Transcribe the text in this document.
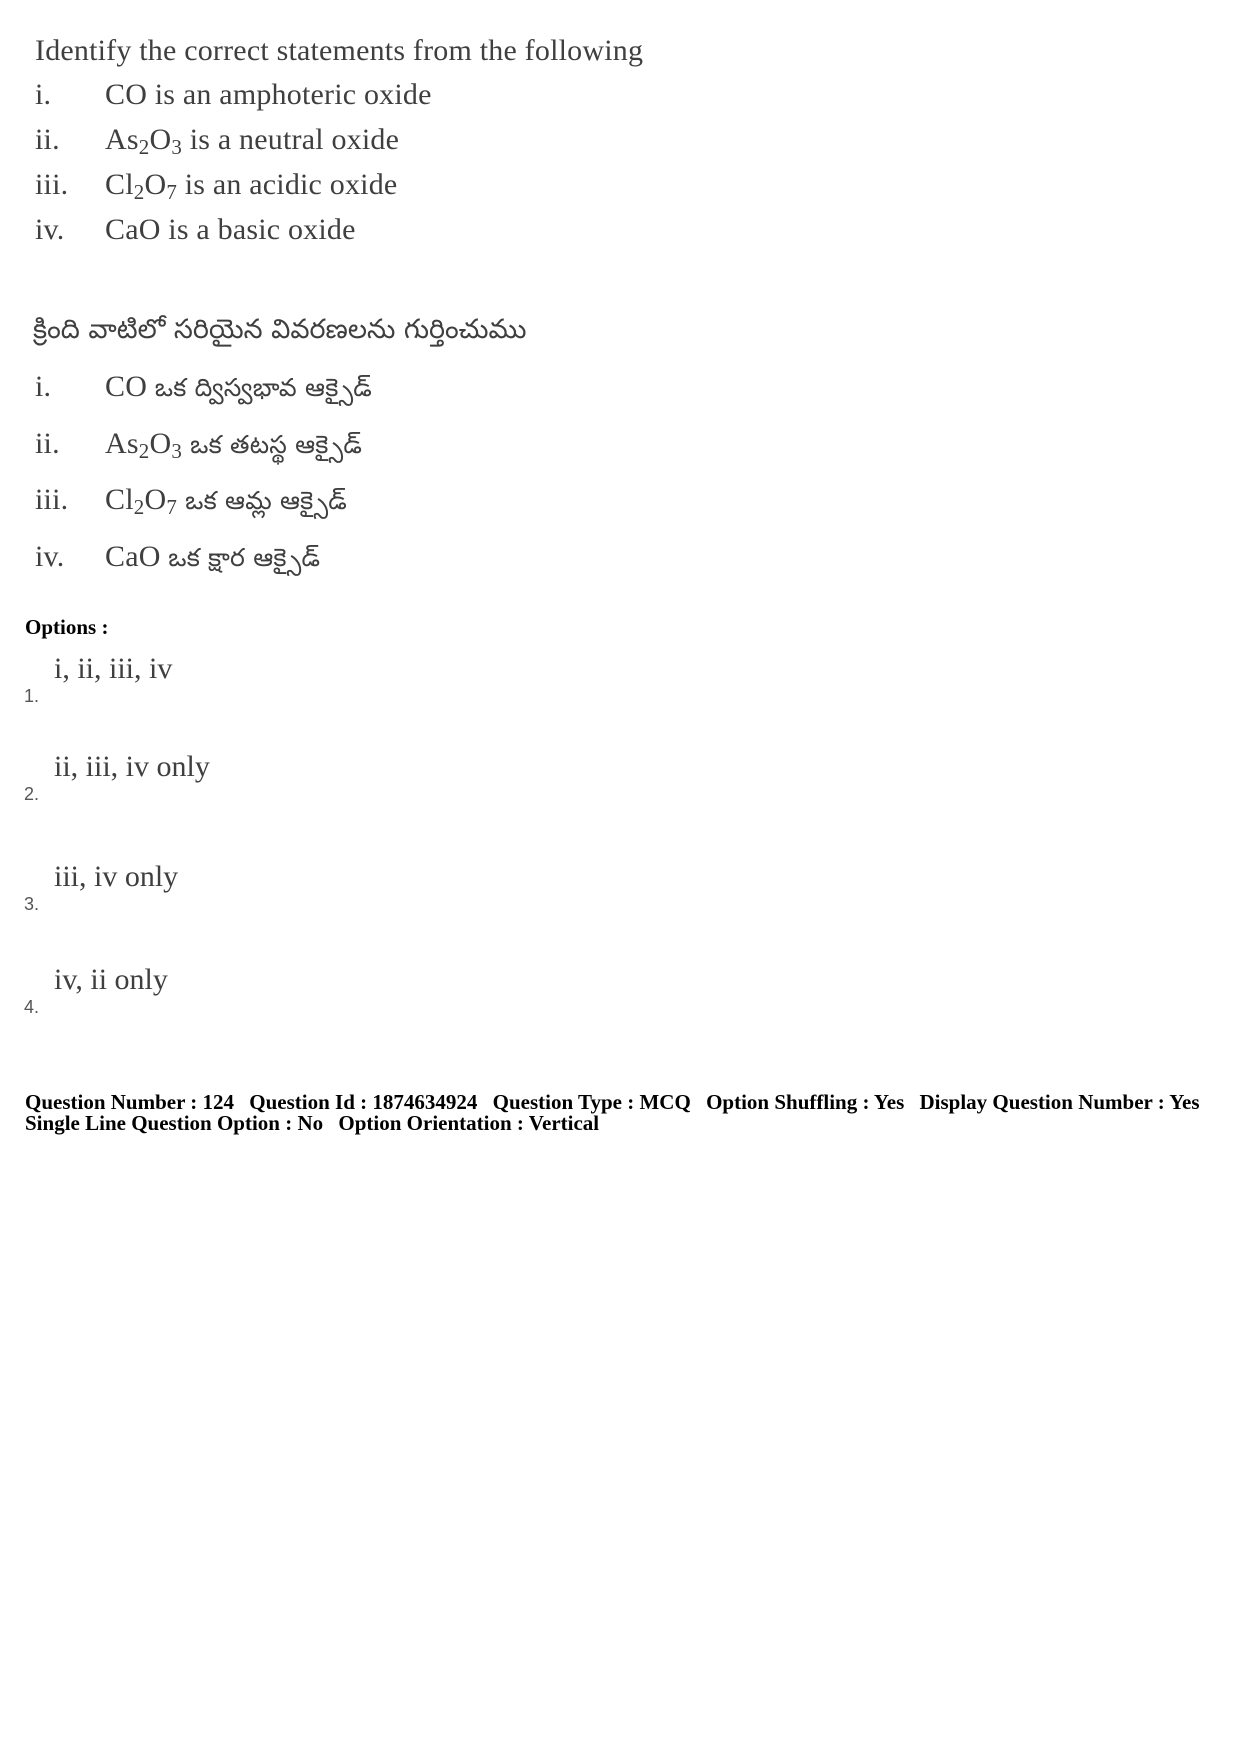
Identify the correct statements from the following
i.	CO is an amphoteric oxide
ii.	$As_2O_3$ is a neutral oxide
iii.	$Cl_2O_7$ is an acidic oxide
iv.	CaO is a basic oxide
క్రింది వాటిలో సరియైన వివరణలను గుర్తించుము
i.	CO ఒక ద్విస్వభావ ఆక్సైడ్
ii.	$As_2O_3$ ఒక తటస్థ ఆక్సైడ్
iii.	$Cl_2O_7$ ఒక ఆమ్ల ఆక్సైడ్
iv.	CaO ఒక క్షార ఆక్సైడ్
Options :
i, ii, iii, iv
1.
ii, iii, iv only
2.
iii, iv only
3.
iv, ii only
4.
Question Number : 124 Question Id : 1874634924 Question Type : MCQ Option Shuffling : Yes Display Question Number : Yes
Single Line Question Option : No Option Orientation : Vertical
